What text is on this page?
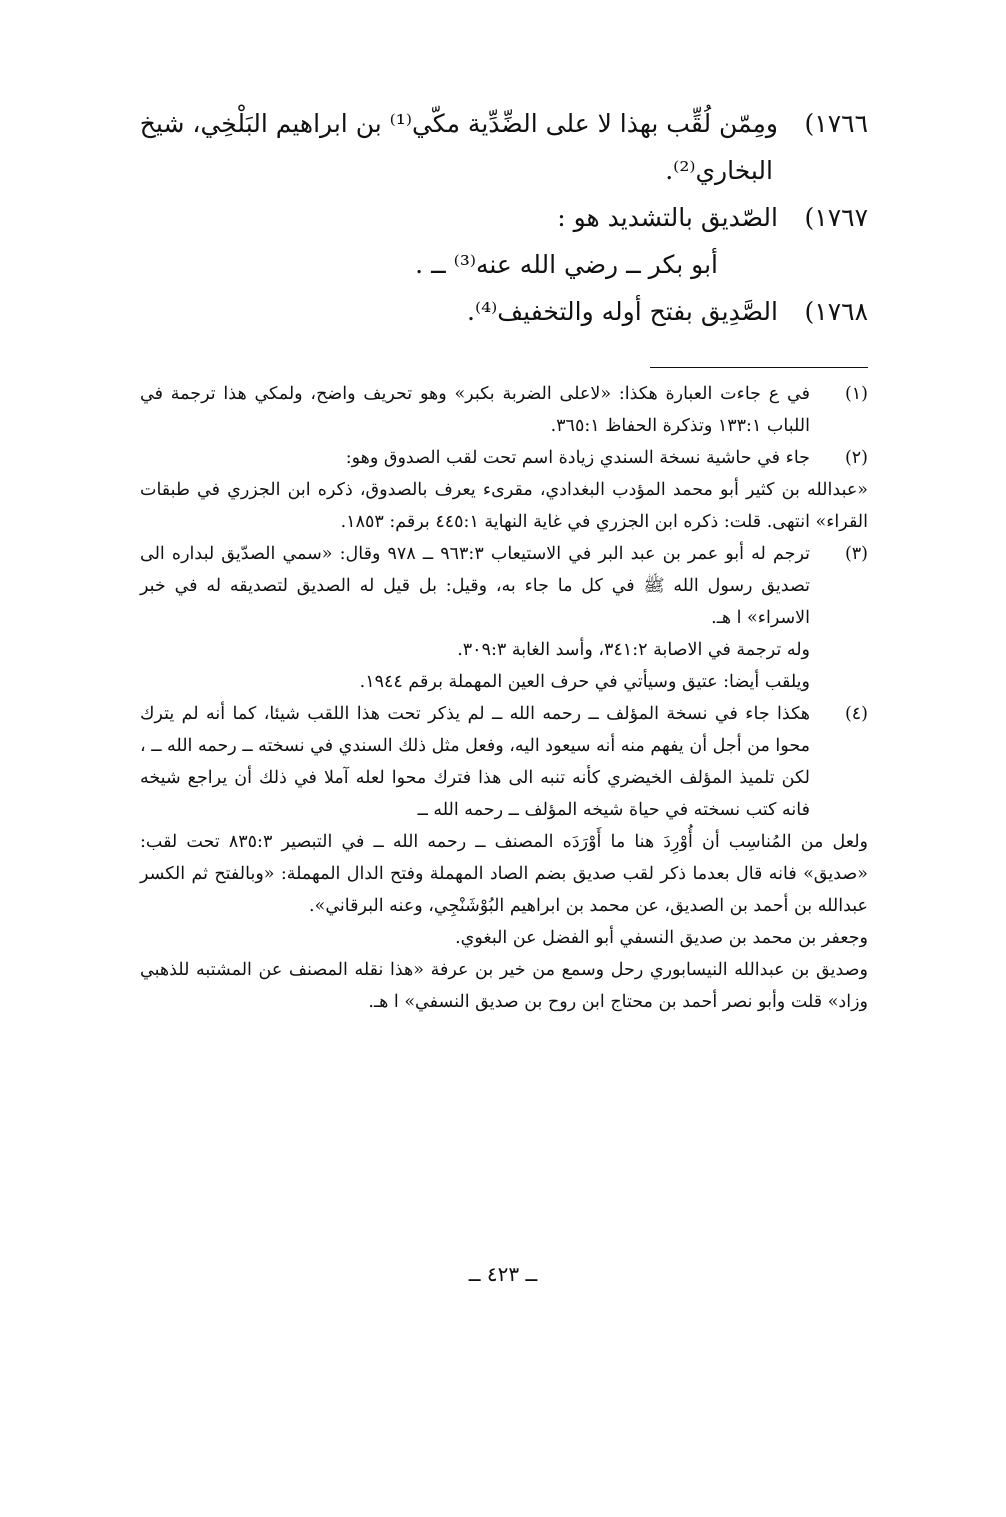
١٧٦٦)ومِمّن لُقِّب بهذا لا على الضِّدِّية مكّي⁽¹⁾ بن ابراهيم البَلْخِي، شيخ
البخاري⁽²⁾.
١٧٦٧)الصّديق بالتشديد هو :
أبو بكر ــ رضي الله عنه⁽³⁾ ــ .
١٧٦٨)الصَّدِيق بفتح أوله والتخفيف⁽⁴⁾.
(١)

في ع جاءت العبارة هكذا: «لاعلى الضربة بكبر» وهو تحريف واضح، ولمكي هذا ترجمة في اللباب ١٣٣:١ وتذكرة الحفاظ ٣٦٥:١.

(٢)

جاء في حاشية نسخة السندي زيادة اسم تحت لقب الصدوق وهو:

«عبدالله بن كثير أبو محمد المؤدب البغدادي، مقرىء يعرف بالصدوق، ذكره ابن الجزري في طبقات القراء» انتهى. قلت: ذكره ابن الجزري في غاية النهاية ٤٤٥:١ برقم: ١٨٥٣.

(٣)

ترجم له أبو عمر بن عبد البر في الاستيعاب ٩٦٣:٣ ــ ٩٧٨ وقال: «سمي الصدّيق لبداره الى تصديق رسول الله ﷺ في كل ما جاء به، وقيل: بل قيل له الصديق لتصديقه له في خبر الاسراء» ا هـ.

وله ترجمة في الاصابة ٣٤١:٢، وأسد الغابة ٣٠٩:٣.

ويلقب أيضا: عتيق وسيأتي في حرف العين المهملة برقم ١٩٤٤.

(٤)

هكذا جاء في نسخة المؤلف ــ رحمه الله ــ لم يذكر تحت هذا اللقب شيئا، كما أنه لم يترك محوا من أجل أن يفهم منه أنه سيعود اليه، وفعل مثل ذلك السندي في نسخته ــ رحمه الله ــ ، لكن تلميذ المؤلف الخيضري كأنه تنبه الى هذا فترك محوا لعله آملا في ذلك أن يراجع شيخه فانه كتب نسخته في حياة شيخه المؤلف ــ رحمه الله ــ

ولعل من المُناسِب أن أُوْرِدَ هنا ما أَوْرَدَه المصنف ــ رحمه الله ــ في التبصير ٨٣٥:٣ تحت لقب: «صديق» فانه قال بعدما ذكر لقب صديق بضم الصاد المهملة وفتح الدال المهملة: «وبالفتح ثم الكسر عبدالله بن أحمد بن الصديق، عن محمد بن ابراهيم البُوْشَنْجِي، وعنه البرقاني».

وجعفر بن محمد بن صديق النسفي أبو الفضل عن البغوي.

وصديق بن عبدالله النيسابوري رحل وسمع من خير بن عرفة «هذا نقله المصنف عن المشتبه للذهبي وزاد» قلت وأبو نصر أحمد بن محتاج ابن روح بن صديق النسفي» ا هـ.

ــ ٤٢٣ ــ
